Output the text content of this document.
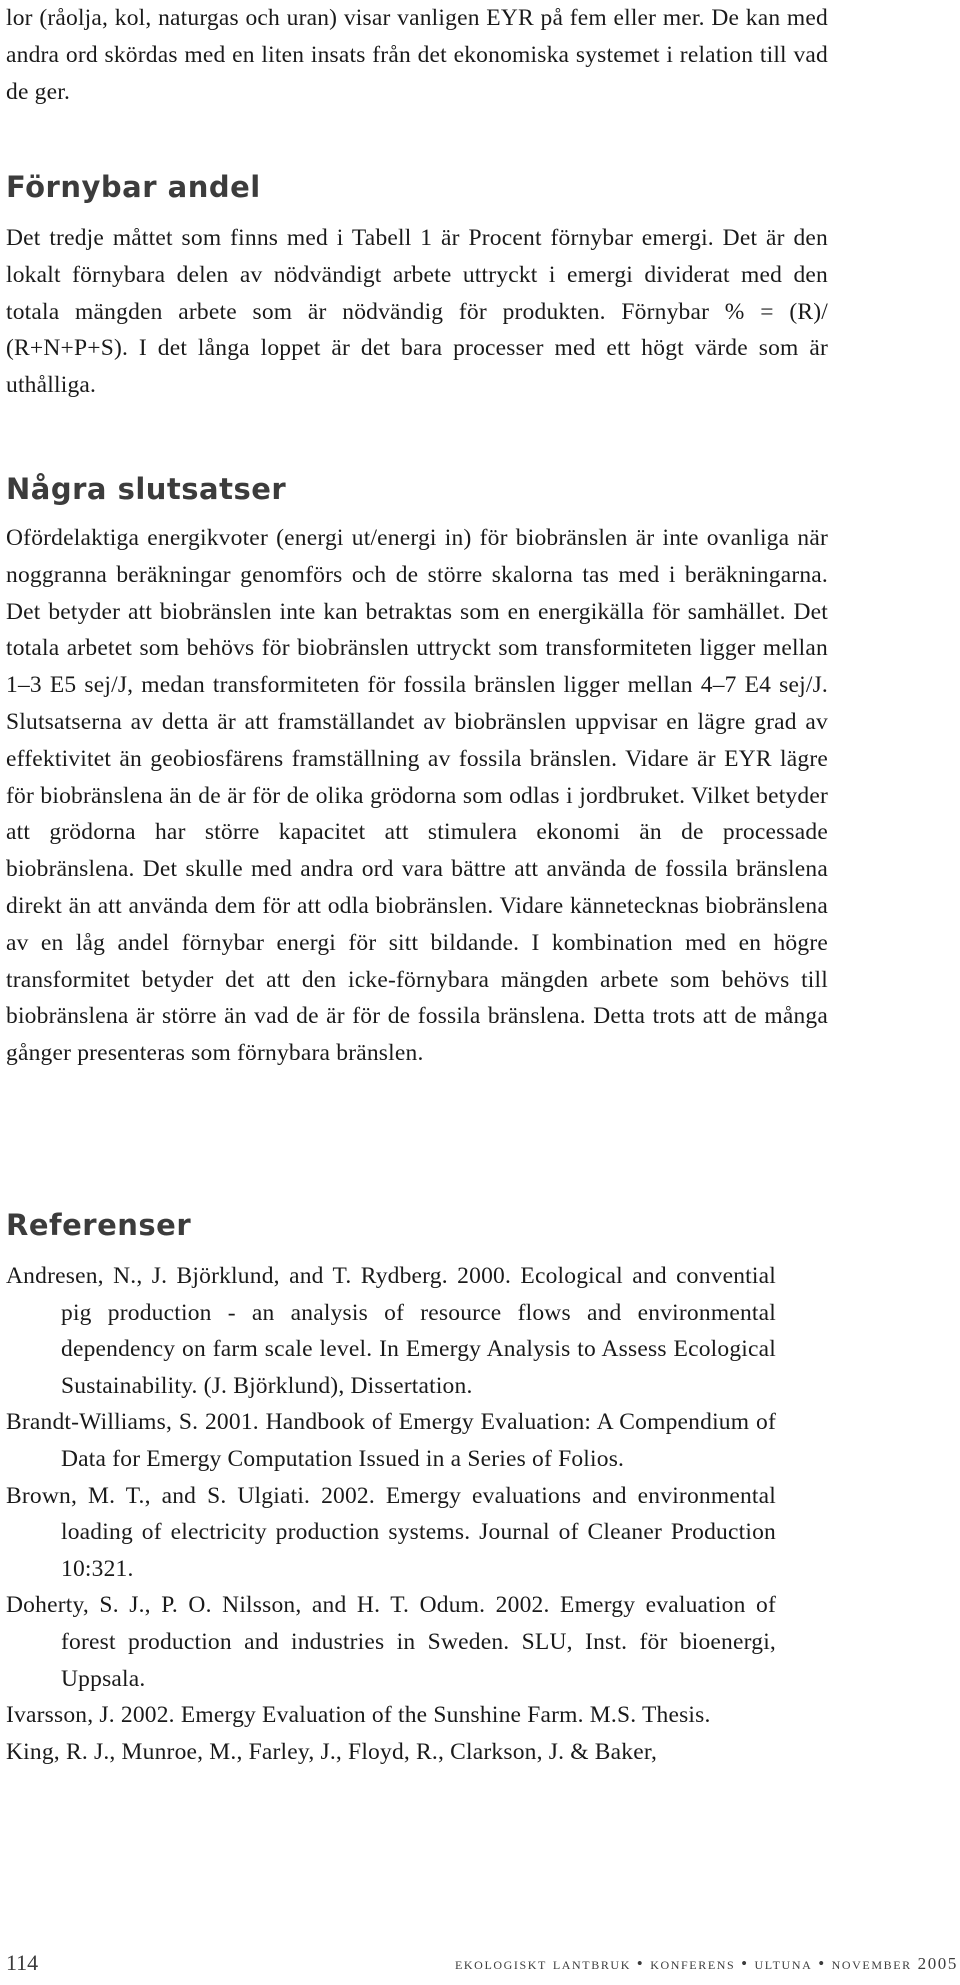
lor (råolja, kol, naturgas och uran) visar vanligen EYR på fem eller mer. De kan med andra ord skördas med en liten insats från det ekonomiska systemet i relation till vad de ger.

Förnybar andel

Det tredje måttet som finns med i Tabell 1 är Procent förnybar emergi. Det är den lokalt förnybara delen av nödvändigt arbete uttryckt i emergi dividerat med den totala mängden arbete som är nödvändig för produkten. Förnybar % = (R)/ (R+N+P+S). I det långa loppet är det bara processer med ett högt värde som är uthålliga.

Några slutsatser

Ofördelaktiga energikvoter (energi ut/energi in) för biobränslen är inte ovanliga när noggranna beräkningar genomförs och de större skalorna tas med i beräkningarna. Det betyder att biobränslen inte kan betraktas som en energikälla för samhället. Det totala arbetet som behövs för biobränslen uttryckt som transformiteten ligger mellan 1–3 E5 sej/J, medan transformiteten för fossila bränslen ligger mellan 4–7 E4 sej/J. Slutsatserna av detta är att framställandet av biobränslen uppvisar en lägre grad av effektivitet än geobiosfärens framställning av fossila bränslen. Vidare är EYR lägre för biobränslena än de är för de olika grödorna som odlas i jordbruket. Vilket betyder att grödorna har större kapacitet att stimulera ekonomi än de processade biobränslena. Det skulle med andra ord vara bättre att använda de fossila bränslena direkt än att använda dem för att odla biobränslen. Vidare kännetecknas biobränslena av en låg andel förnybar energi för sitt bildande. I kombination med en högre transformitet betyder det att den icke-förnybara mängden arbete som behövs till biobränslena är större än vad de är för de fossila bränslena. Detta trots att de många gånger presenteras som förnybara bränslen.

Referenser
Andresen, N., J. Björklund, and T. Rydberg. 2000. Ecological and convential pig production - an analysis of resource flows and environmental dependency on farm scale level. In Emergy Analysis to Assess Ecological Sustainability. (J. Björklund), Dissertation.
Brandt-Williams, S. 2001. Handbook of Emergy Evaluation: A Compendium of Data for Emergy Computation Issued in a Series of Folios.
Brown, M. T., and S. Ulgiati. 2002. Emergy evaluations and environmental loading of electricity production systems. Journal of Cleaner Production 10:321.
Doherty, S. J., P. O. Nilsson, and H. T. Odum. 2002. Emergy evaluation of forest production and industries in Sweden. SLU, Inst. för bioenergi, Uppsala.
Ivarsson, J. 2002. Emergy Evaluation of the Sunshine Farm. M.S. Thesis.
King, R. J., Munroe, M., Farley, J., Floyd, R., Clarkson, J. & Baker,
114	ekologiskt lantbruk • konferens • ultuna • november 2005
